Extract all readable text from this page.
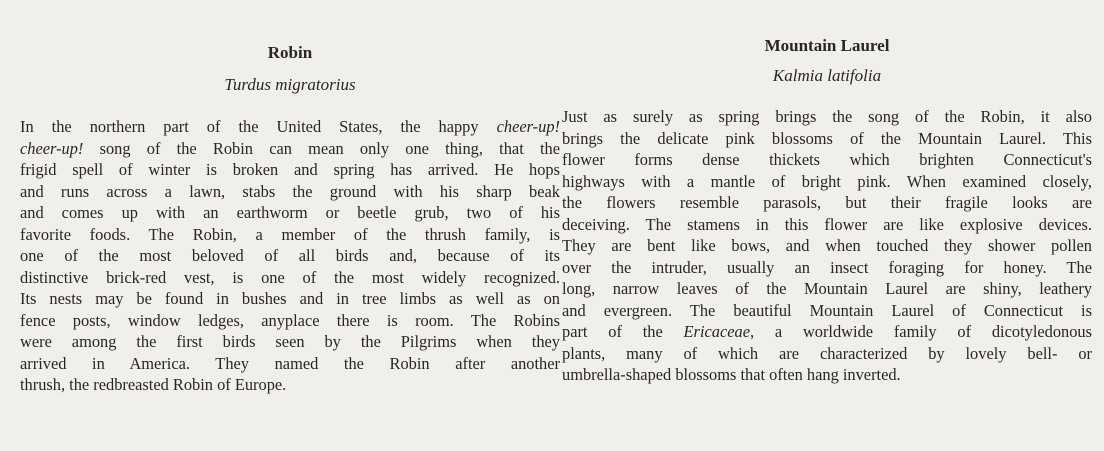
Robin
Turdus migratorius

In the northern part of the United States, the happy cheer-up!
cheer-up! song of the Robin can mean only one thing, that the
frigid spell of winter is broken and spring has arrived. He hops
and runs across a lawn, stabs the ground with his sharp beak
and comes up with an earthworm or beetle grub, two of his
favorite foods. The Robin, a member of the thrush family, is
one of the most beloved of all birds and, because of its
distinctive brick-red vest, is one of the most widely recognized.
Its nests may be found in bushes and in tree limbs as well as on
fence posts, window ledges, anyplace there is room. The Robins
were among the first birds seen by the Pilgrims when they
arrived in America. They named the Robin after another
thrush, the redbreasted Robin of Europe.

Mountain Laurel
Kalmia latifolia

Just as surely as spring brings the song of the Robin, it also
brings the delicate pink blossoms of the Mountain Laurel. This
flower forms dense thickets which brighten Connecticut's
highways with a mantle of bright pink. When examined closely,
the flowers resemble parasols, but their fragile looks are
deceiving. The stamens in this flower are like explosive devices.
They are bent like bows, and when touched they shower pollen
over the intruder, usually an insect foraging for honey. The
long, narrow leaves of the Mountain Laurel are shiny, leathery
and evergreen. The beautiful Mountain Laurel of Connecticut is
part of the Ericaceae, a worldwide family of dicotyledonous
plants, many of which are characterized by lovely bell- or
umbrella-shaped blossoms that often hang inverted.
